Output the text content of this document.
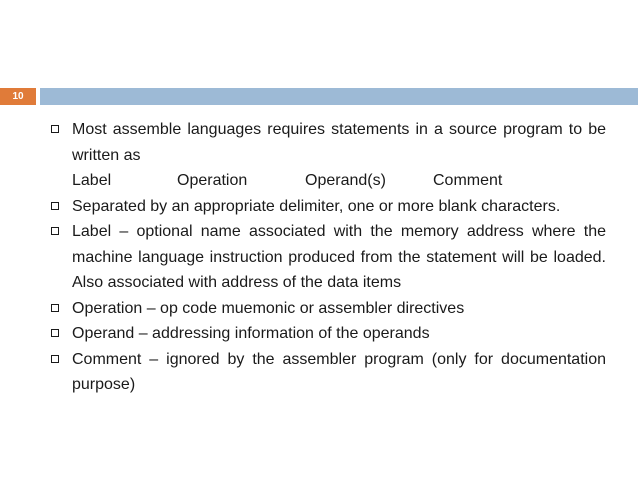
10
Most assemble languages requires statements in a source program to be written as
Label	Operation	Operand(s)	Comment
Separated by an appropriate delimiter, one or more blank characters.
Label – optional name associated with the memory address where the machine language instruction produced from the statement will be loaded. Also associated with address of the data items
Operation – op code muemonic or assembler directives
Operand – addressing information of the operands
Comment – ignored by the assembler program (only for documentation purpose)
